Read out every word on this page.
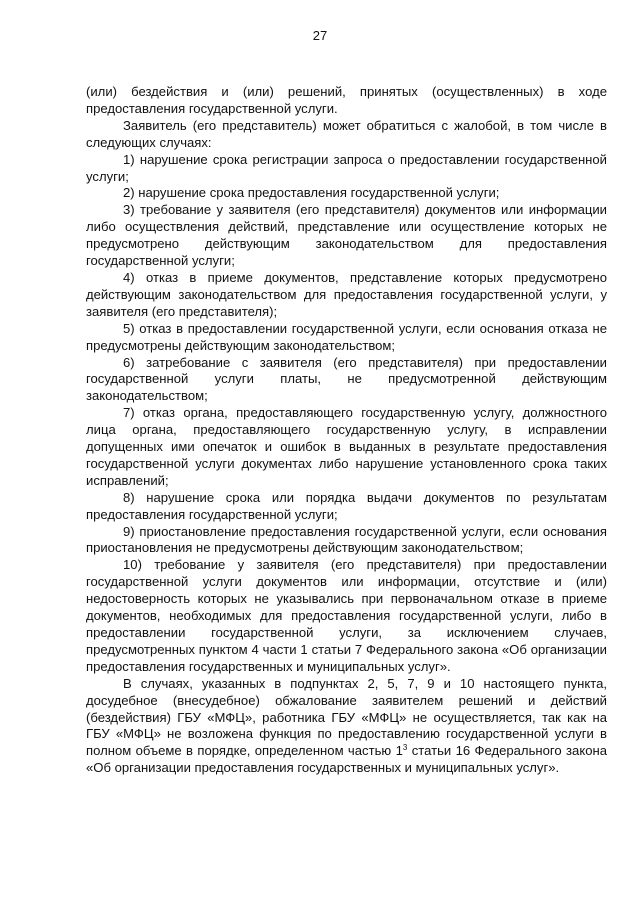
27

(или) бездействия и (или) решений, принятых (осуществленных) в ходе предоставления государственной услуги.

Заявитель (его представитель) может обратиться с жалобой, в том числе в следующих случаях:

1) нарушение срока регистрации запроса о предоставлении государственной услуги;

2) нарушение срока предоставления государственной услуги;

3) требование у заявителя (его представителя) документов или информации либо осуществления действий, представление или осуществление которых не предусмотрено действующим законодательством для предоставления государственной услуги;

4) отказ в приеме документов, представление которых предусмотрено действующим законодательством для предоставления государственной услуги, у заявителя (его представителя);

5) отказ в предоставлении государственной услуги, если основания отказа не предусмотрены действующим законодательством;

6) затребование с заявителя (его представителя) при предоставлении государственной услуги платы, не предусмотренной действующим законодательством;

7) отказ органа, предоставляющего государственную услугу, должностного лица органа, предоставляющего государственную услугу, в исправлении допущенных ими опечаток и ошибок в выданных в результате предоставления государственной услуги документах либо нарушение установленного срока таких исправлений;

8) нарушение срока или порядка выдачи документов по результатам предоставления государственной услуги;

9) приостановление предоставления государственной услуги, если основания приостановления не предусмотрены действующим законодательством;

10) требование у заявителя (его представителя) при предоставлении государственной услуги документов или информации, отсутствие и (или) недостоверность которых не указывались при первоначальном отказе в приеме документов, необходимых для предоставления государственной услуги, либо в предоставлении государственной услуги, за исключением случаев, предусмотренных пунктом 4 части 1 статьи 7 Федерального закона «Об организации предоставления государственных и муниципальных услуг».

В случаях, указанных в подпунктах 2, 5, 7, 9 и 10 настоящего пункта, досудебное (внесудебное) обжалование заявителем решений и действий (бездействия) ГБУ «МФЦ», работника ГБУ «МФЦ» не осуществляется, так как на ГБУ «МФЦ» не возложена функция по предоставлению государственной услуги в полном объеме в порядке, определенном частью $1^3$ статьи 16 Федерального закона «Об организации предоставления государственных и муниципальных услуг».
